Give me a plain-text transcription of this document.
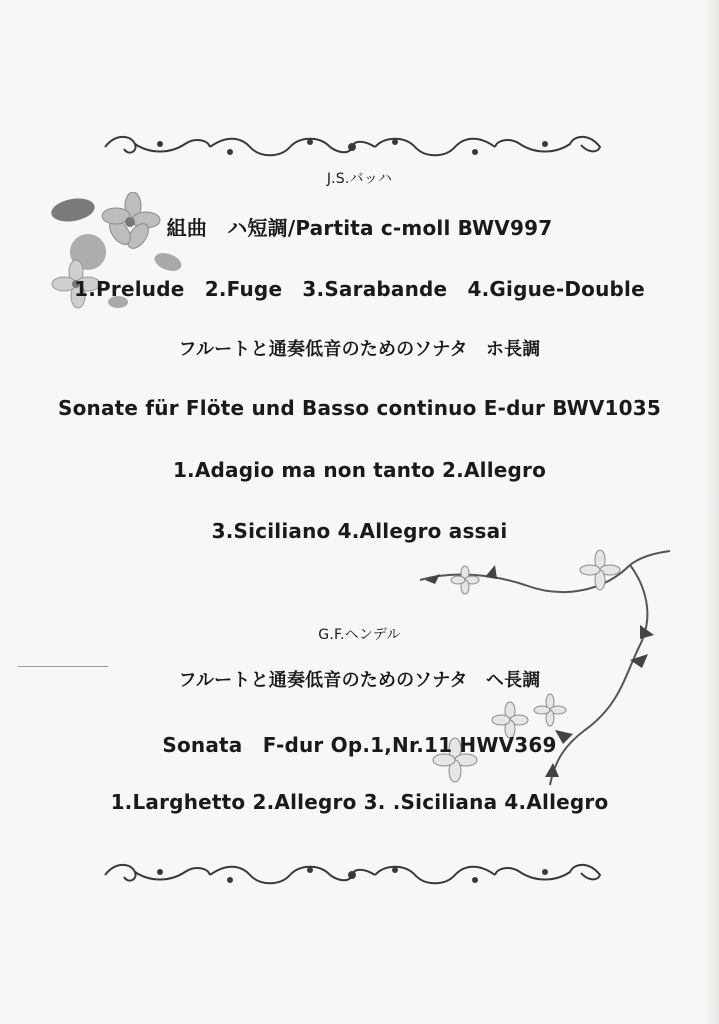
J.S.バッハ
組曲　ハ短調/Partita c-moll BWV997
1.Prelude　2.Fuge　3.Sarabande　4.Gigue-Double
フルートと通奏低音のためのソナタ　ホ長調
Sonate für Flöte und Basso continuo E-dur BWV1035
1.Adagio ma non tanto 2.Allegro
3.Siciliano 4.Allegro assai
G.F.ヘンデル
フルートと通奏低音のためのソナタ　ヘ長調
Sonata　F-dur Op.1,Nr.11 HWV369
1.Larghetto 2.Allegro 3. .Siciliana 4.Allegro
